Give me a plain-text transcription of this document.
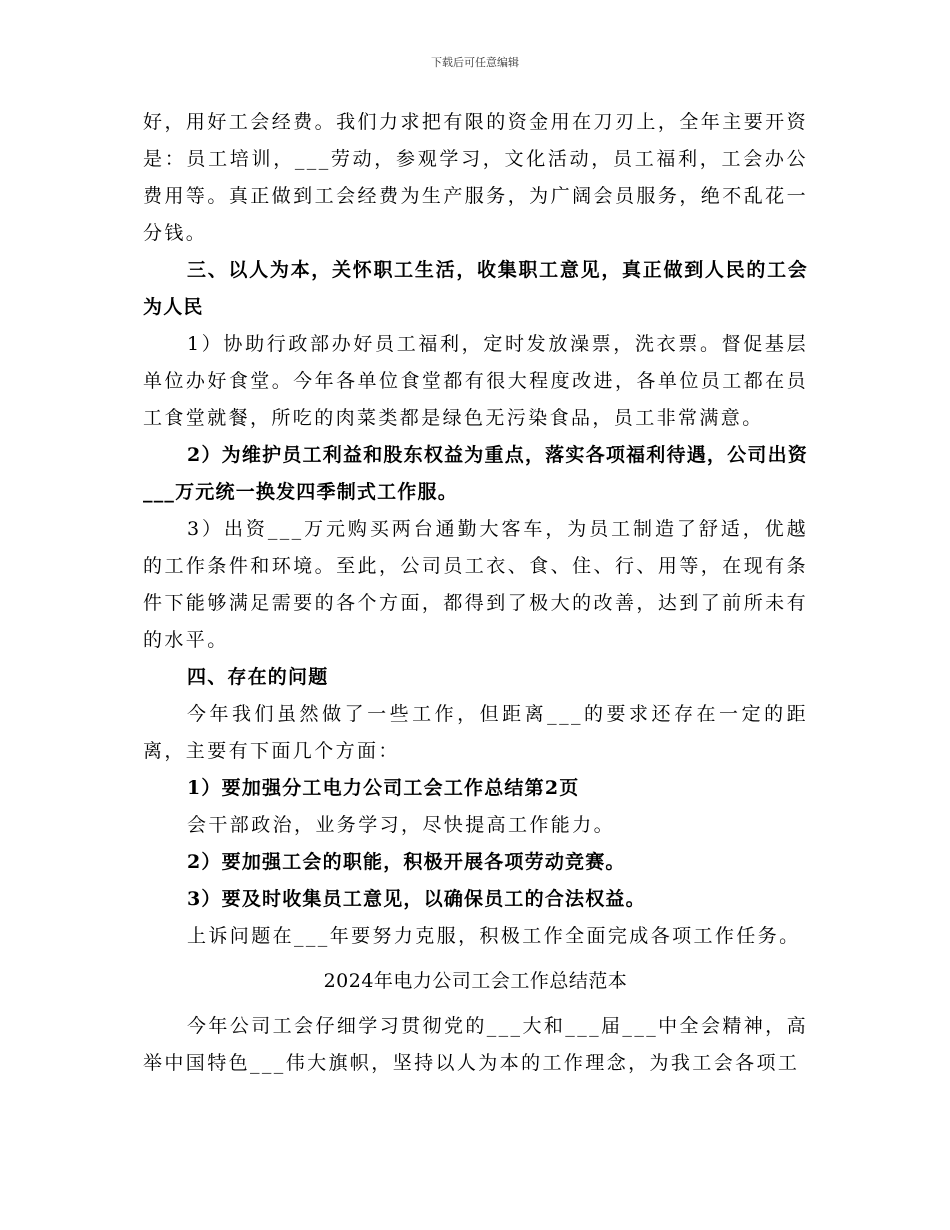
下载后可任意编辑

好，用好工会经费。我们力求把有限的资金用在刀刃上，全年主要开资是：员工培训，___劳动，参观学习，文化活动，员工福利，工会办公费用等。真正做到工会经费为生产服务，为广阔会员服务，绝不乱花一分钱。

三、以人为本，关怀职工生活，收集职工意见，真正做到人民的工会为人民

1）协助行政部办好员工福利，定时发放澡票，洗衣票。督促基层单位办好食堂。今年各单位食堂都有很大程度改进，各单位员工都在员工食堂就餐，所吃的肉菜类都是绿色无污染食品，员工非常满意。

2）为维护员工利益和股东权益为重点，落实各项福利待遇，公司出资___万元统一换发四季制式工作服。

3）出资___万元购买两台通勤大客车，为员工制造了舒适，优越的工作条件和环境。至此，公司员工衣、食、住、行、用等，在现有条件下能够满足需要的各个方面，都得到了极大的改善，达到了前所未有的水平。

四、存在的问题

今年我们虽然做了一些工作，但距离___的要求还存在一定的距离，主要有下面几个方面：

1）要加强分工电力公司工会工作总结第2页

会干部政治，业务学习，尽快提高工作能力。

2）要加强工会的职能，积极开展各项劳动竞赛。

3）要及时收集员工意见，以确保员工的合法权益。

上诉问题在___年要努力克服，积极工作全面完成各项工作任务。

2024年电力公司工会工作总结范本

今年公司工会仔细学习贯彻党的___大和___届___中全会精神，高举中国特色___伟大旗帜，坚持以人为本的工作理念，为我工会各项工
